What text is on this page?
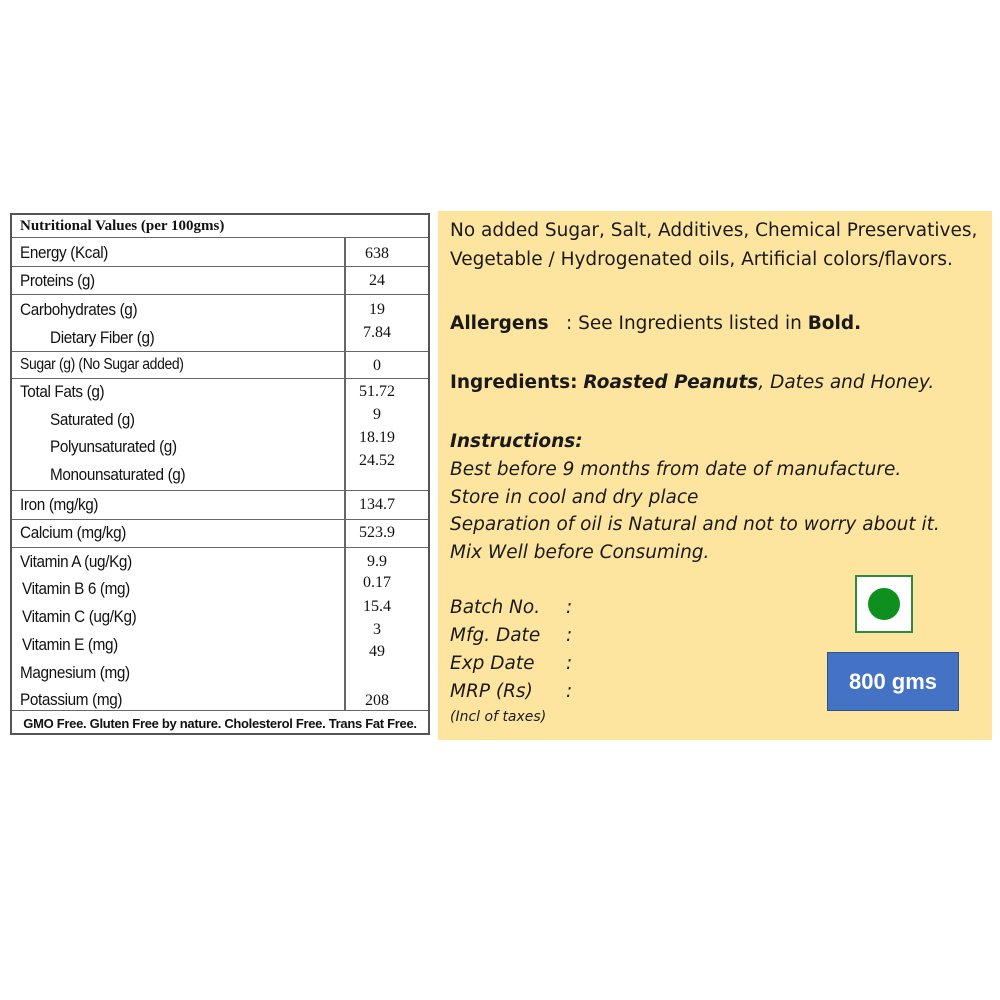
Nutritional Values (per 100gms)
Energy (Kcal)
Proteins (g)
Carbohydrates (g)
Dietary Fiber (g)
Sugar (g) (No Sugar added)
Total Fats (g)
Saturated (g)
Polyunsaturated (g)
Monounsaturated (g)
Iron (mg/kg)
Calcium (mg/kg)
Vitamin A (ug/Kg)
Vitamin B 6 (mg)
Vitamin C (ug/Kg)
Vitamin E (mg)
Magnesium (mg)
Potassium (mg)
638
24
19
7.84
0
51.72
9
18.19
24.52
134.7
523.9
9.9
0.17
15.4
3
49
208
GMO Free. Gluten Free by nature. Cholesterol Free. Trans Fat Free.
No added Sugar, Salt, Additives, Chemical Preservatives,
Vegetable / Hydrogenated oils, Artificial colors/flavors.
Allergens : See Ingredients listed in Bold.
Ingredients: Roasted Peanuts, Dates and Honey.
Instructions:
Best before 9 months from date of manufacture.
Store in cool and dry place
Separation of oil is Natural and not to worry about it.
Mix Well before Consuming.
Batch No. :
Mfg. Date :
Exp Date :
MRP (Rs) :
(Incl of taxes)
800 gms
